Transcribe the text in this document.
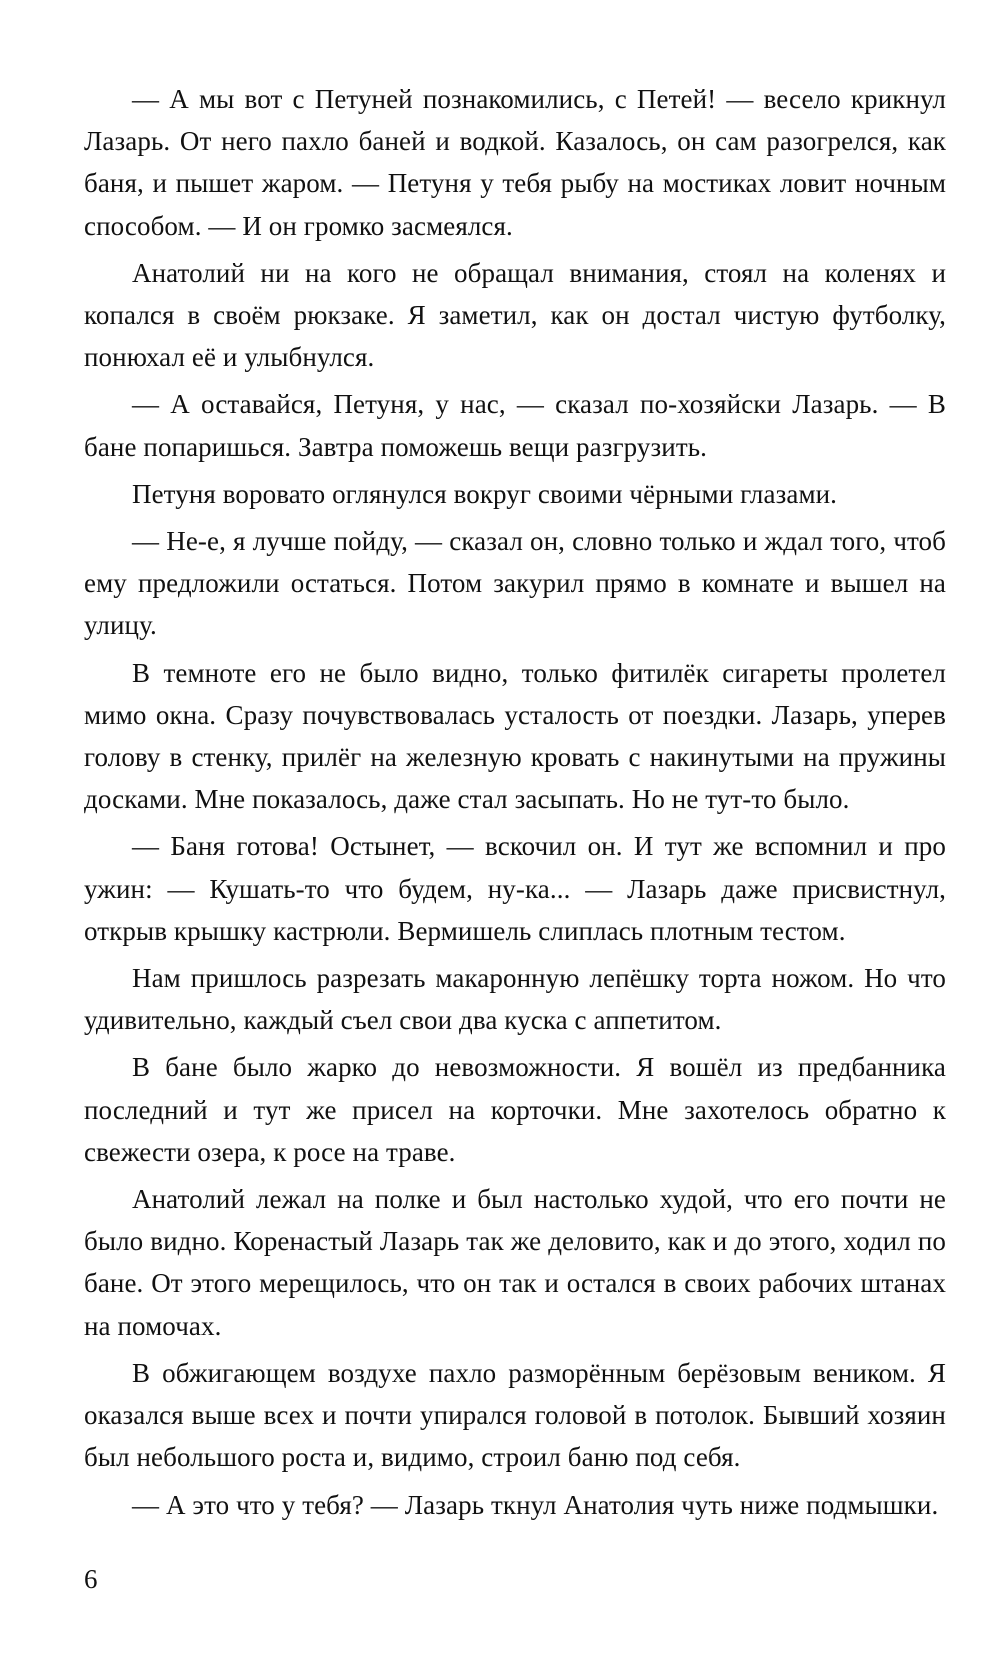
— А мы вот с Петуней познакомились, с Петей! — весело крикнул Лазарь. От него пахло баней и водкой. Казалось, он сам разогрелся, как баня, и пышет жаром. — Петуня у тебя рыбу на мостиках ловит ночным способом. — И он громко засмеялся.

Анатолий ни на кого не обращал внимания, стоял на коленях и копался в своём рюкзаке. Я заметил, как он достал чистую футболку, понюхал её и улыбнулся.

— А оставайся, Петуня, у нас, — сказал по-хозяйски Лазарь. — В бане попаришься. Завтра поможешь вещи разгрузить.

Петуня воровато оглянулся вокруг своими чёрными глазами.

— Не-е, я лучше пойду, — сказал он, словно только и ждал того, чтоб ему предложили остаться. Потом закурил прямо в комнате и вышел на улицу.

В темноте его не было видно, только фитилёк сигареты пролетел мимо окна. Сразу почувствовалась усталость от поездки. Лазарь, уперев голову в стенку, прилёг на железную кровать с накинутыми на пружины досками. Мне показалось, даже стал засыпать. Но не тут-то было.

— Баня готова! Остынет, — вскочил он. И тут же вспомнил и про ужин: — Кушать-то что будем, ну-ка... — Лазарь даже присвистнул, открыв крышку кастрюли. Вермишель слиплась плотным тестом.

Нам пришлось разрезать макаронную лепёшку торта ножом. Но что удивительно, каждый съел свои два куска с аппетитом.

В бане было жарко до невозможности. Я вошёл из предбанника последний и тут же присел на корточки. Мне захотелось обратно к свежести озера, к росе на траве.

Анатолий лежал на полке и был настолько худой, что его почти не было видно. Коренастый Лазарь так же деловито, как и до этого, ходил по бане. От этого мерещилось, что он так и остался в своих рабочих штанах на помочах.

В обжигающем воздухе пахло разморённым берёзовым веником. Я оказался выше всех и почти упирался головой в потолок. Бывший хозяин был небольшого роста и, видимо, строил баню под себя.

— А это что у тебя? — Лазарь ткнул Анатолия чуть ниже подмышки.

6
